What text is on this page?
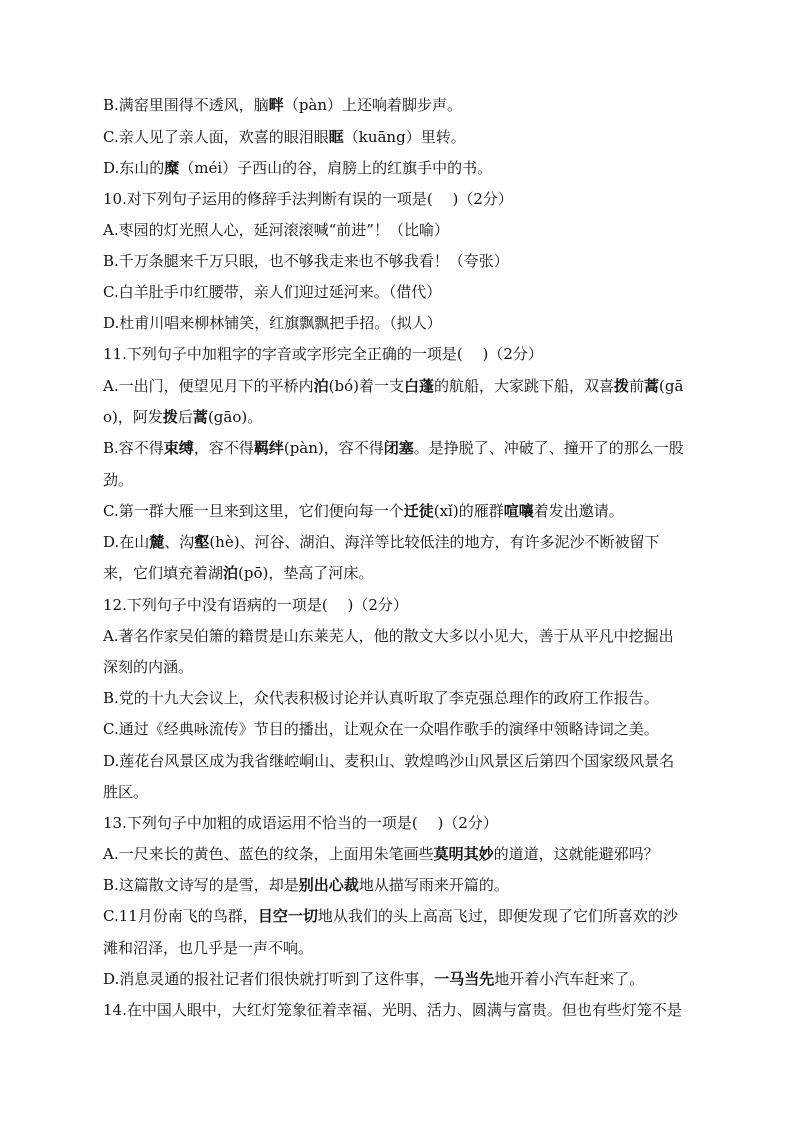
B.满窑里围得不透风，脑畔（pàn）上还响着脚步声。
C.亲人见了亲人面，欢喜的眼泪眼眶（kuāng）里转。
D.东山的糜（méi）子西山的谷，肩膀上的红旗手中的书。
10.对下列句子运用的修辞手法判断有误的一项是(　 )（2分）
A.枣园的灯光照人心，延河滚滚喊“前进”！（比喻）
B.千万条腿来千万只眼，也不够我走来也不够我看！（夸张）
C.白羊肚手巾红腰带，亲人们迎过延河来。（借代）
D.杜甫川唱来柳林铺笑，红旗飘飘把手招。（拟人）
11.下列句子中加粗字的字音或字形完全正确的一项是(　 )（2分）
A.一出门，便望见月下的平桥内泊(bó)着一支白蓬的航船，大家跳下船，双喜拨前蒿(gā
o)，阿发拨后蒿(gāo)。
B.容不得束缚，容不得羁绊(pàn)，容不得闭塞。是挣脱了、冲破了、撞开了的那么一股
劲。
C.第一群大雁一旦来到这里，它们便向每一个迁徒(xǐ)的雁群喧嚷着发出邀请。
D.在山麓、沟壑(hè)、河谷、湖泊、海洋等比较低洼的地方，有许多泥沙不断被留下
来，它们填充着湖泊(pō)，垫高了河床。
12.下列句子中没有语病的一项是(　 )（2分）
A.著名作家吴伯箫的籍贯是山东莱芜人，他的散文大多以小见大，善于从平凡中挖掘出
深刻的内涵。
B.党的十九大会议上，众代表积极讨论并认真听取了李克强总理作的政府工作报告。
C.通过《经典咏流传》节目的播出，让观众在一众唱作歌手的演绎中领略诗词之美。
D.莲花台风景区成为我省继崆峒山、麦积山、敦煌鸣沙山风景区后第四个国家级风景名
胜区。
13.下列句子中加粗的成语运用不恰当的一项是(　 )（2分）
A.一尺来长的黄色、蓝色的纹条，上面用朱笔画些莫明其妙的道道，这就能避邪吗？
B.这篇散文诗写的是雪，却是别出心裁地从描写雨来开篇的。
C.11月份南飞的鸟群，目空一切地从我们的头上高高飞过，即便发现了它们所喜欢的沙
滩和沼泽，也几乎是一声不响。
D.消息灵通的报社记者们很快就打听到了这件事，一马当先地开着小汽车赶来了。
14.在中国人眼中，大红灯笼象征着幸福、光明、活力、圆满与富贵。但也有些灯笼不是
